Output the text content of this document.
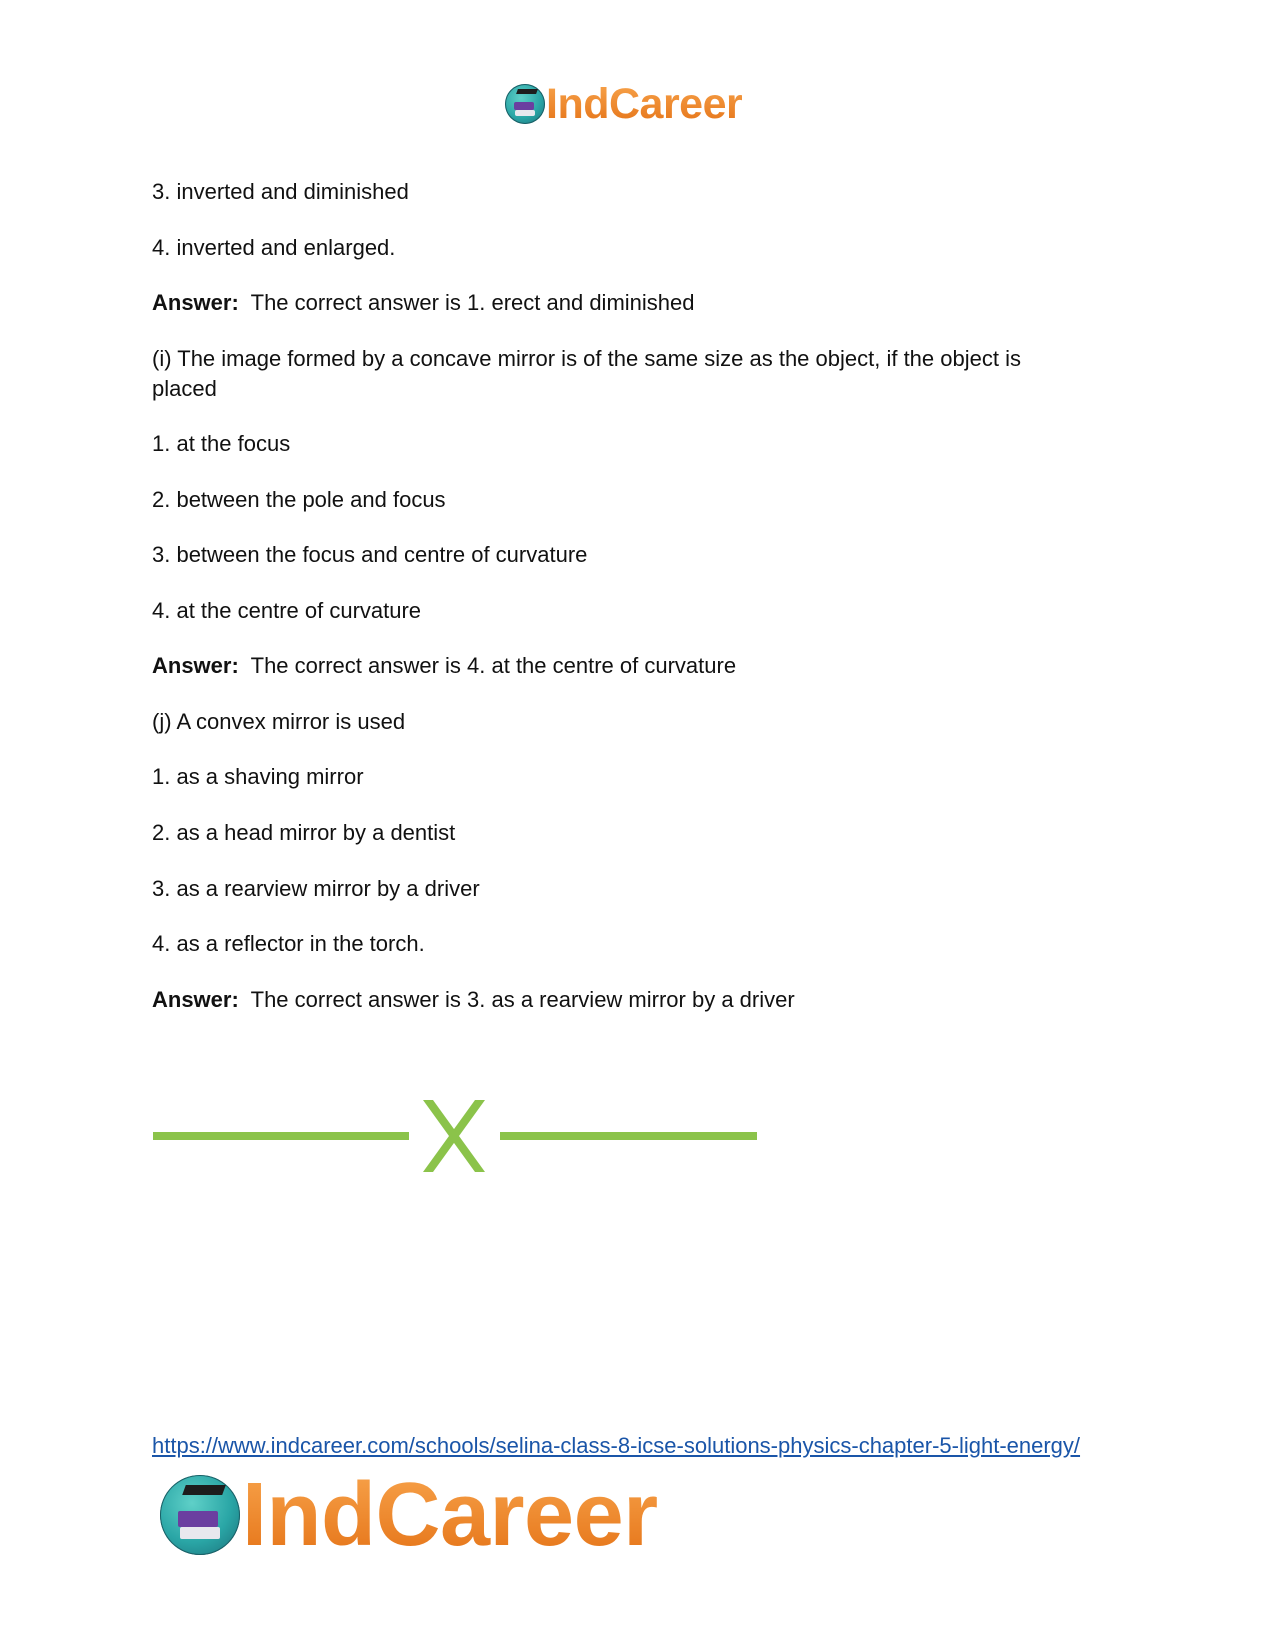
IndCareer
3. inverted and diminished
4. inverted and enlarged.
Answer: The correct answer is 1. erect and diminished
(i) The image formed by a concave mirror is of the same size as the object, if the object is
placed
1. at the focus
2. between the pole and focus
3. between the focus and centre of curvature
4. at the centre of curvature
Answer: The correct answer is 4. at the centre of curvature
(j) A convex mirror is used
1. as a shaving mirror
2. as a head mirror by a dentist
3. as a rearview mirror by a driver
4. as a reflector in the torch.
Answer: The correct answer is 3. as a rearview mirror by a driver
https://www.indcareer.com/schools/selina-class-8-icse-solutions-physics-chapter-5-light-energy/
IndCareer
